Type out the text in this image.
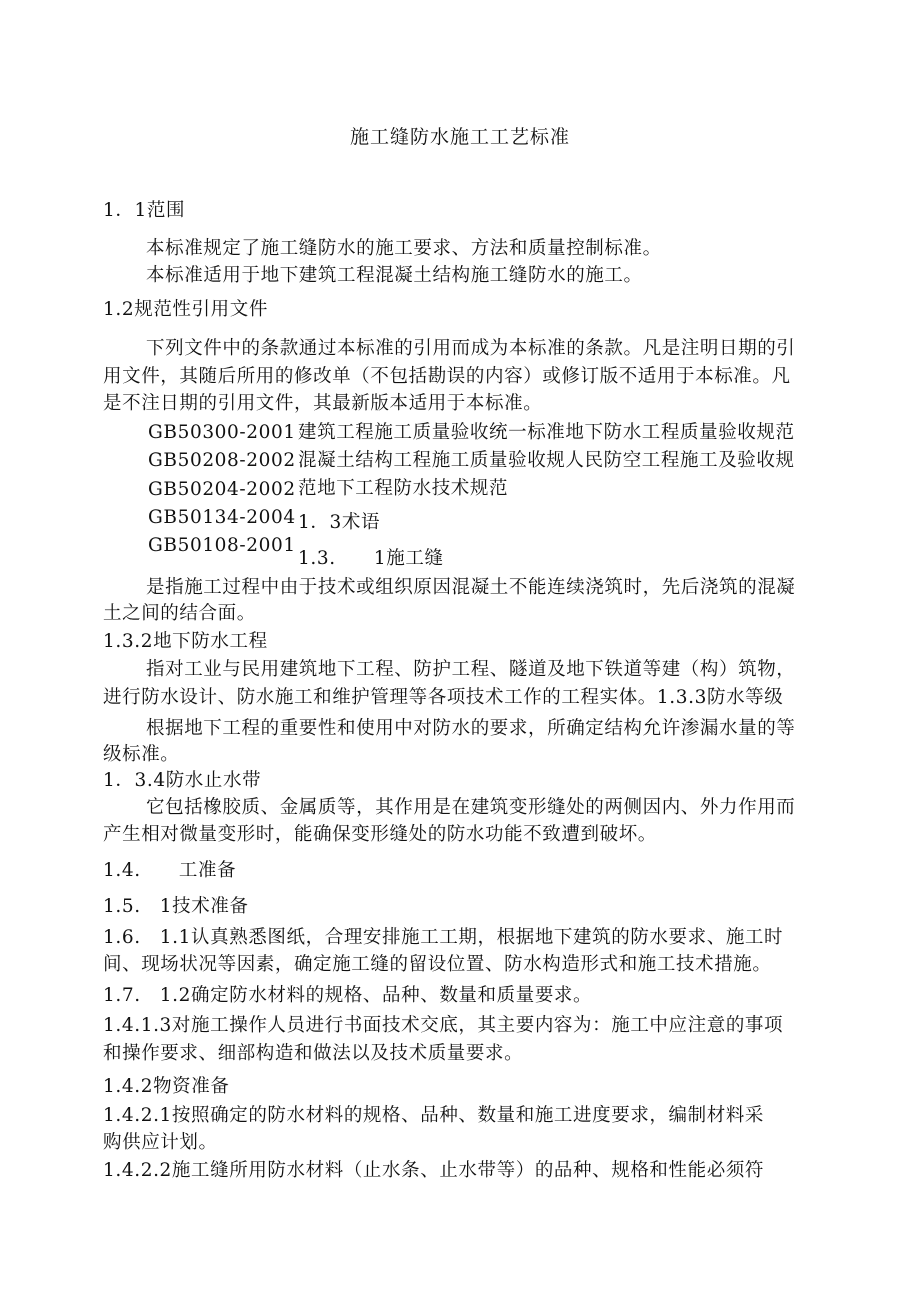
施工缝防水施工工艺标准
1．1范围
本标准规定了施工缝防水的施工要求、方法和质量控制标准。
本标准适用于地下建筑工程混凝土结构施工缝防水的施工。
1.2规范性引用文件
下列文件中的条款通过本标准的引用而成为本标准的条款。凡是注明日期的引
用文件，其随后所用的修改单（不包括勘误的内容）或修订版不适用于本标准。凡
是不注日期的引用文件，其最新版本适用于本标准。
GB50300-2001 建筑工程施工质量验收统一标准地下防水工程质量验收规范
GB50208-2002 混凝土结构工程施工质量验收规人民防空工程施工及验收规
GB50204-2002 范地下工程防水技术规范
GB50134-2004 1．3术语
GB50108-2001
1.3.　　1施工缝
是指施工过程中由于技术或组织原因混凝土不能连续浇筑时，先后浇筑的混凝
土之间的结合面。
1.3.2地下防水工程
指对工业与民用建筑地下工程、防护工程、隧道及地下铁道等建（构）筑物，
进行防水设计、防水施工和维护管理等各项技术工作的工程实体。1.3.3防水等级
根据地下工程的重要性和使用中对防水的要求，所确定结构允许渗漏水量的等
级标准。
1．3.4防水止水带
它包括橡胶质、金属质等，其作用是在建筑变形缝处的两侧因内、外力作用而
产生相对微量变形时，能确保变形缝处的防水功能不致遭到破坏。
1.4.　　工准备
1.5.　1技术准备
1.6.　1.1认真熟悉图纸，合理安排施工工期，根据地下建筑的防水要求、施工时
间、现场状况等因素，确定施工缝的留设位置、防水构造形式和施工技术措施。
1.7.　1.2确定防水材料的规格、品种、数量和质量要求。
1.4.1.3对施工操作人员进行书面技术交底，其主要内容为：施工中应注意的事项
和操作要求、细部构造和做法以及技术质量要求。
1.4.2物资准备
1.4.2.1按照确定的防水材料的规格、品种、数量和施工进度要求，编制材料采
购供应计划。
1.4.2.2施工缝所用防水材料（止水条、止水带等）的品种、规格和性能必须符
